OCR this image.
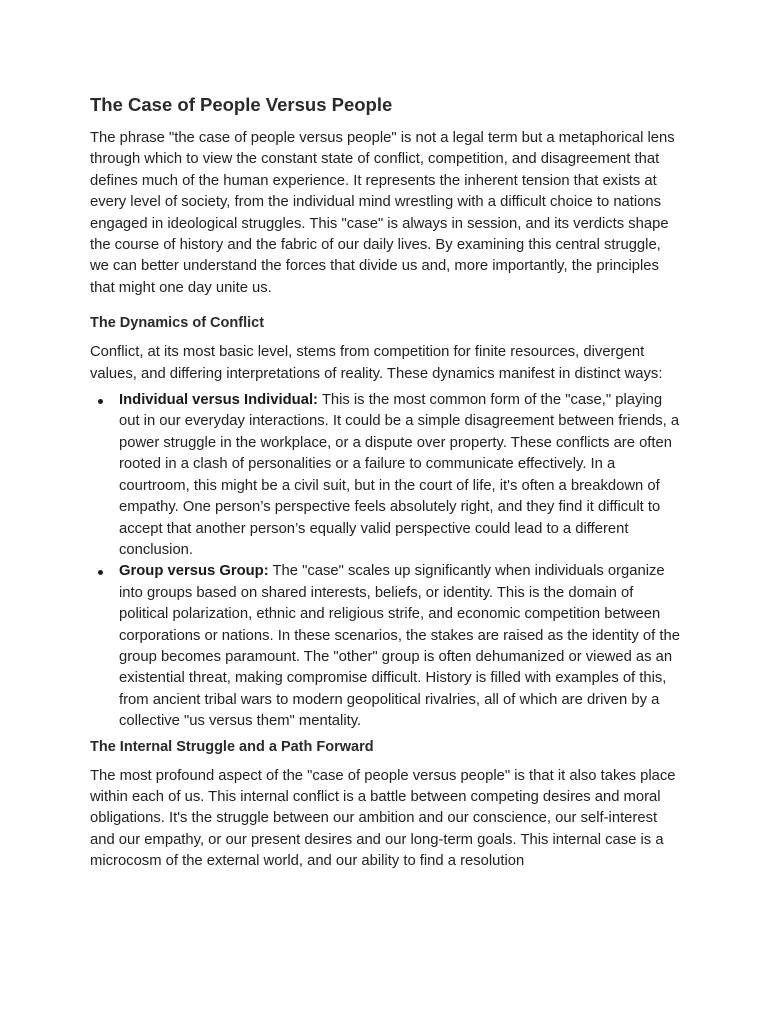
The Case of People Versus People

The phrase "the case of people versus people" is not a legal term but a metaphorical lens through which to view the constant state of conflict, competition, and disagreement that defines much of the human experience. It represents the inherent tension that exists at every level of society, from the individual mind wrestling with a difficult choice to nations engaged in ideological struggles. This "case" is always in session, and its verdicts shape the course of history and the fabric of our daily lives. By examining this central struggle, we can better understand the forces that divide us and, more importantly, the principles that might one day unite us.

The Dynamics of Conflict

Conflict, at its most basic level, stems from competition for finite resources, divergent values, and differing interpretations of reality. These dynamics manifest in distinct ways:

Individual versus Individual: This is the most common form of the "case," playing out in our everyday interactions. It could be a simple disagreement between friends, a power struggle in the workplace, or a dispute over property. These conflicts are often rooted in a clash of personalities or a failure to communicate effectively. In a courtroom, this might be a civil suit, but in the court of life, it's often a breakdown of empathy. One person’s perspective feels absolutely right, and they find it difficult to accept that another person’s equally valid perspective could lead to a different conclusion.
Group versus Group: The "case" scales up significantly when individuals organize into groups based on shared interests, beliefs, or identity. This is the domain of political polarization, ethnic and religious strife, and economic competition between corporations or nations. In these scenarios, the stakes are raised as the identity of the group becomes paramount. The "other" group is often dehumanized or viewed as an existential threat, making compromise difficult. History is filled with examples of this, from ancient tribal wars to modern geopolitical rivalries, all of which are driven by a collective "us versus them" mentality.
The Internal Struggle and a Path Forward

The most profound aspect of the "case of people versus people" is that it also takes place within each of us. This internal conflict is a battle between competing desires and moral obligations. It's the struggle between our ambition and our conscience, our self-interest and our empathy, or our present desires and our long-term goals. This internal case is a microcosm of the external world, and our ability to find a resolution
